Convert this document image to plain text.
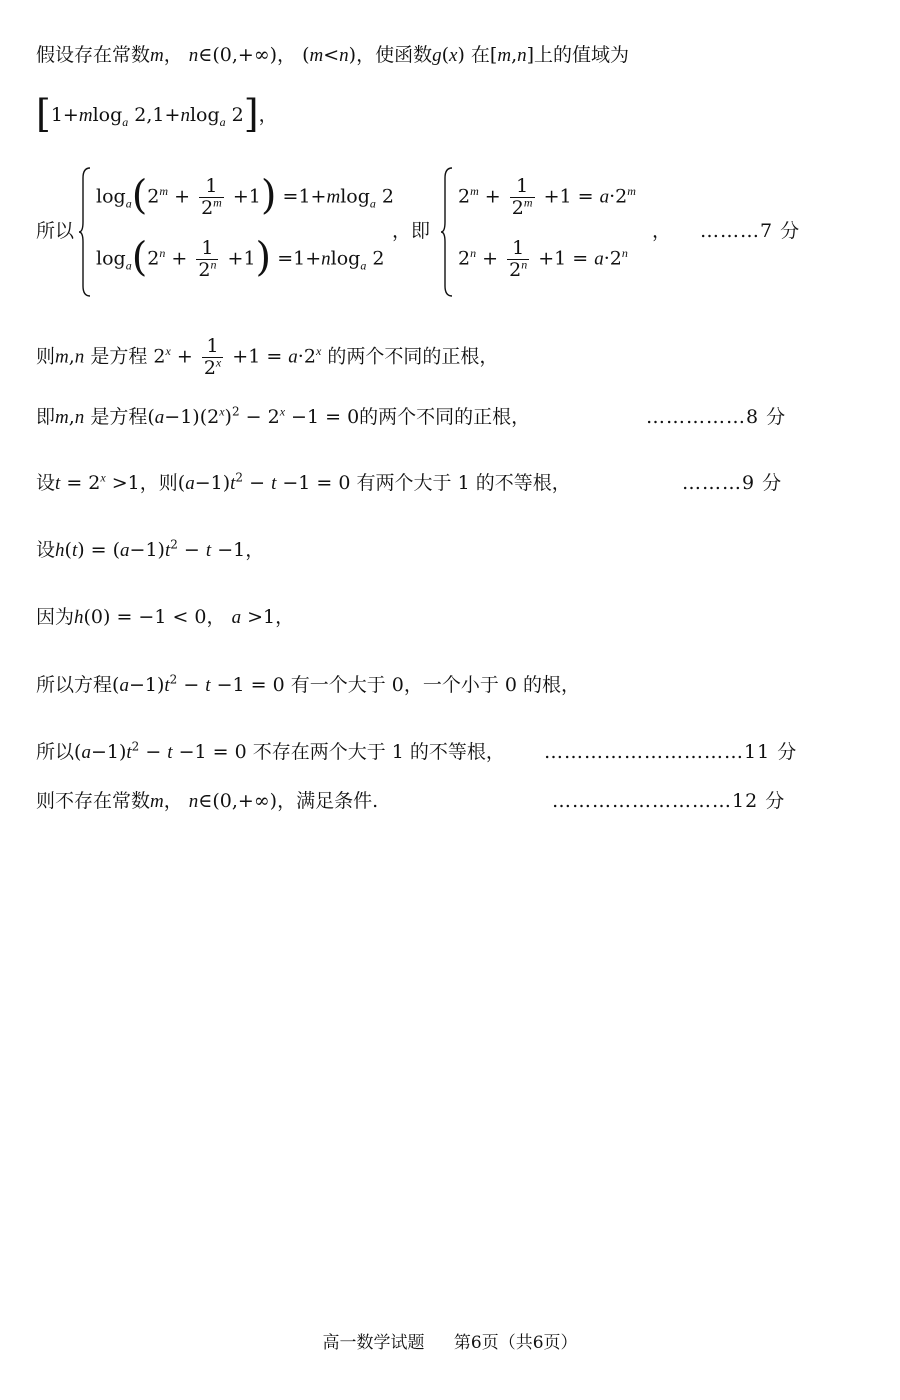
假设存在常数m， n∈(0,+∞)， (m<n)，使函数g(x) 在[m,n]上的值域为
[1+mlog$_a$ 2,1+nlog$_a$ 2]，
所以
$\log_a(2^m + \frac{1}{2^m} +1) =1+mlog_a$ 2
$\log_a(2^n + \frac{1}{2^n} +1) =1+nlog_a$ 2
，即
$2^m + \frac{1}{2^m} +1 = a\cdot 2^m$
$2^n + \frac{1}{2^n} +1 = a\cdot 2^n$
， ………7 分
则m,n 是方程 $2^x + \frac{1}{2^x} +1 = a\cdot 2^x$ 的两个不同的正根，
即m,n 是方程$(a-1)(2^x)^2 - 2^x -1 = 0$的两个不同的正根，	……………8 分
设$t = 2^x >1$，则$(a-1)t^2 - t -1 = 0$ 有两个大于 1 的不等根，	………9 分
设$h(t) = (a-1)t^2 - t -1$，
因为h(0) = −1 < 0， a >1，
所以方程$(a-1)t^2 - t -1 = 0$ 有一个大于 0，一个小于 0 的根，
所以$(a-1)t^2 - t -1 = 0$ 不存在两个大于 1 的不等根， …………………………11 分
则不存在常数m， n∈(0,+∞)，满足条件.	………………………12 分
高一数学试题 第6页（共6页）
